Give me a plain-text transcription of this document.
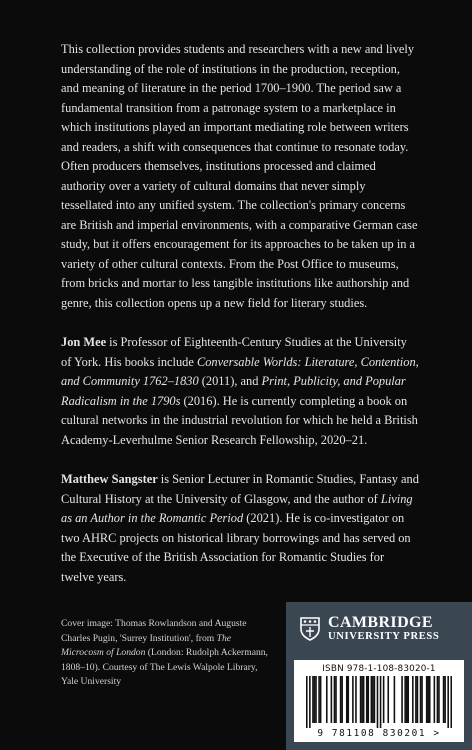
This collection provides students and researchers with a new and lively understanding of the role of institutions in the production, reception, and meaning of literature in the period 1700–1900. The period saw a fundamental transition from a patronage system to a marketplace in which institutions played an important mediating role between writers and readers, a shift with consequences that continue to resonate today. Often producers themselves, institutions processed and claimed authority over a variety of cultural domains that never simply tessellated into any unified system. The collection's primary concerns are British and imperial environments, with a comparative German case study, but it offers encouragement for its approaches to be taken up in a variety of other cultural contexts. From the Post Office to museums, from bricks and mortar to less tangible institutions like authorship and genre, this collection opens up a new field for literary studies.

Jon Mee is Professor of Eighteenth-Century Studies at the University of York. His books include Conversable Worlds: Literature, Contention, and Community 1762–1830 (2011), and Print, Publicity, and Popular Radicalism in the 1790s (2016). He is currently completing a book on cultural networks in the industrial revolution for which he held a British Academy-Leverhulme Senior Research Fellowship, 2020–21.

Matthew Sangster is Senior Lecturer in Romantic Studies, Fantasy and Cultural History at the University of Glasgow, and the author of Living as an Author in the Romantic Period (2021). He is co-investigator on two AHRC projects on historical library borrowings and has served on the Executive of the British Association for Romantic Studies for twelve years.

Cover image: Thomas Rowlandson and Auguste Charles Pugin, 'Surrey Institution', from The Microcosm of London (London: Rudolph Ackermann, 1808–10). Courtesy of The Lewis Walpole Library, Yale University

CAMBRIDGE
UNIVERSITY PRESS
ISBN 978-1-108-83020-1
9 781108 830201 >
